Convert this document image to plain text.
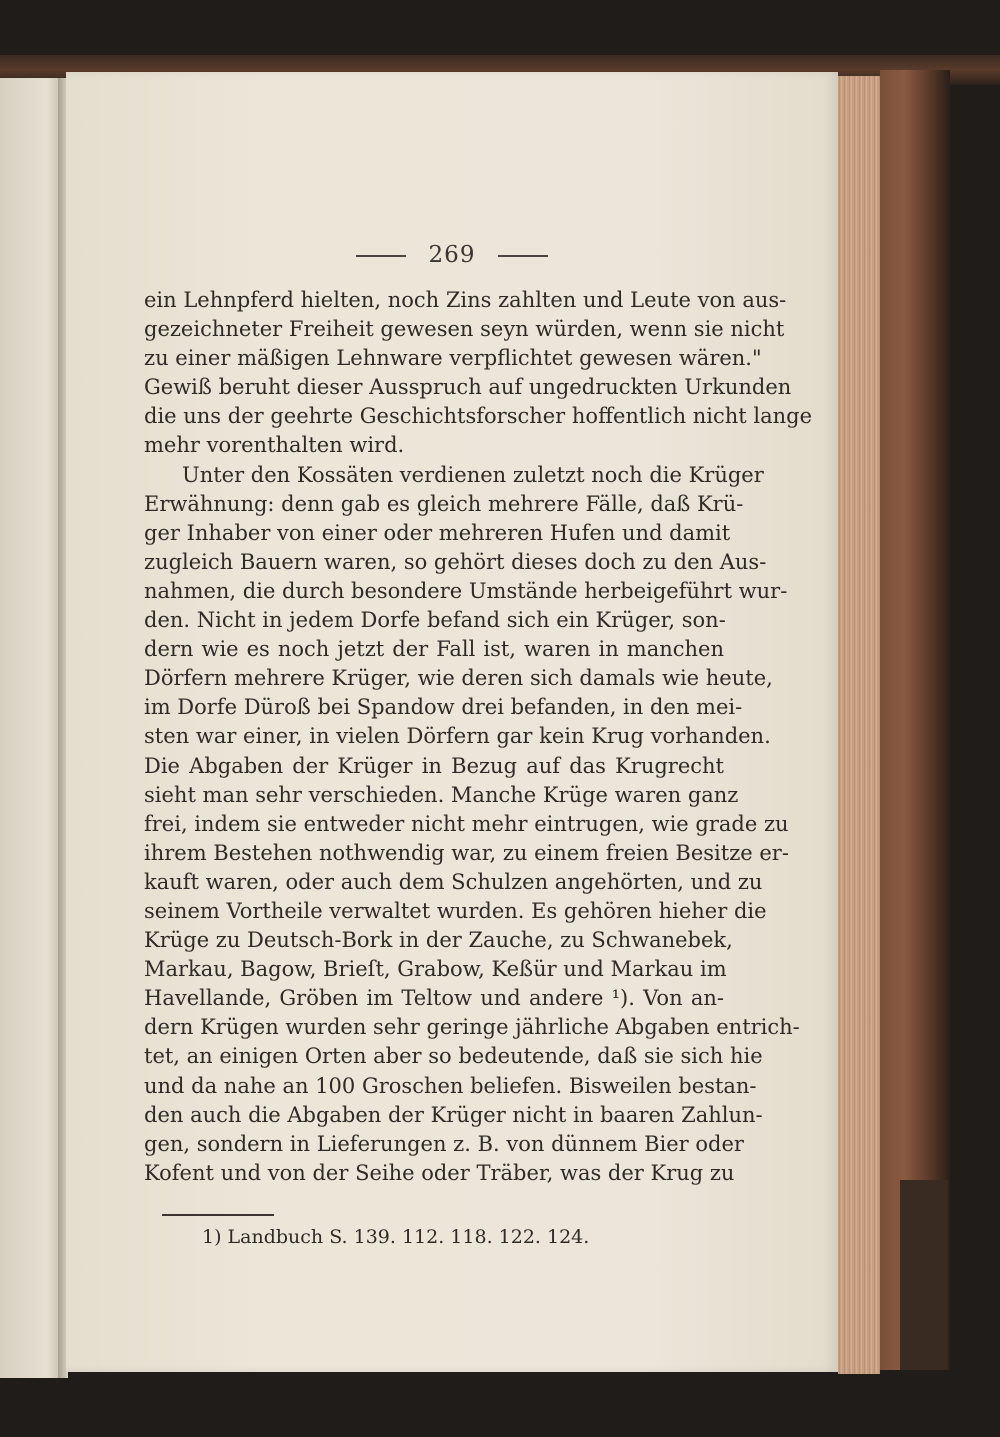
269
ein Lehnpferd hielten, noch Zins zahlten und Leute von aus-
gezeichneter Freiheit gewesen seyn würden, wenn sie nicht
zu einer mäßigen Lehnware verpflichtet gewesen wären."
Gewiß beruht dieser Ausspruch auf ungedruckten Urkunden
die uns der geehrte Geschichtsforscher hoffentlich nicht lange
mehr vorenthalten wird.
Unter den Kossäten verdienen zuletzt noch die Krüger
Erwähnung: denn gab es gleich mehrere Fälle, daß Krü-
ger Inhaber von einer oder mehreren Hufen und damit
zugleich Bauern waren, so gehört dieses doch zu den Aus-
nahmen, die durch besondere Umstände herbeigeführt wur-
den. Nicht in jedem Dorfe befand sich ein Krüger, son-
dern wie es noch jetzt der Fall ist, waren in manchen
Dörfern mehrere Krüger, wie deren sich damals wie heute,
im Dorfe Düroß bei Spandow drei befanden, in den mei-
sten war einer, in vielen Dörfern gar kein Krug vorhanden.
Die Abgaben der Krüger in Bezug auf das Krugrecht
sieht man sehr verschieden. Manche Krüge waren ganz
frei, indem sie entweder nicht mehr eintrugen, wie grade zu
ihrem Bestehen nothwendig war, zu einem freien Besitze er-
kauft waren, oder auch dem Schulzen angehörten, und zu
seinem Vortheile verwaltet wurden. Es gehören hieher die
Krüge zu Deutsch-Bork in der Zauche, zu Schwanebek,
Markau, Bagow, Brieſt, Grabow, Keßür und Markau im
Havellande, Gröben im Teltow und andere ¹). Von an-
dern Krügen wurden sehr geringe jährliche Abgaben entrich-
tet, an einigen Orten aber so bedeutende, daß sie sich hie
und da nahe an 100 Groschen beliefen. Bisweilen bestan-
den auch die Abgaben der Krüger nicht in baaren Zahlun-
gen, sondern in Lieferungen z. B. von dünnem Bier oder
Kofent und von der Seihe oder Träber, was der Krug zu
1) Landbuch S. 139. 112. 118. 122. 124.
